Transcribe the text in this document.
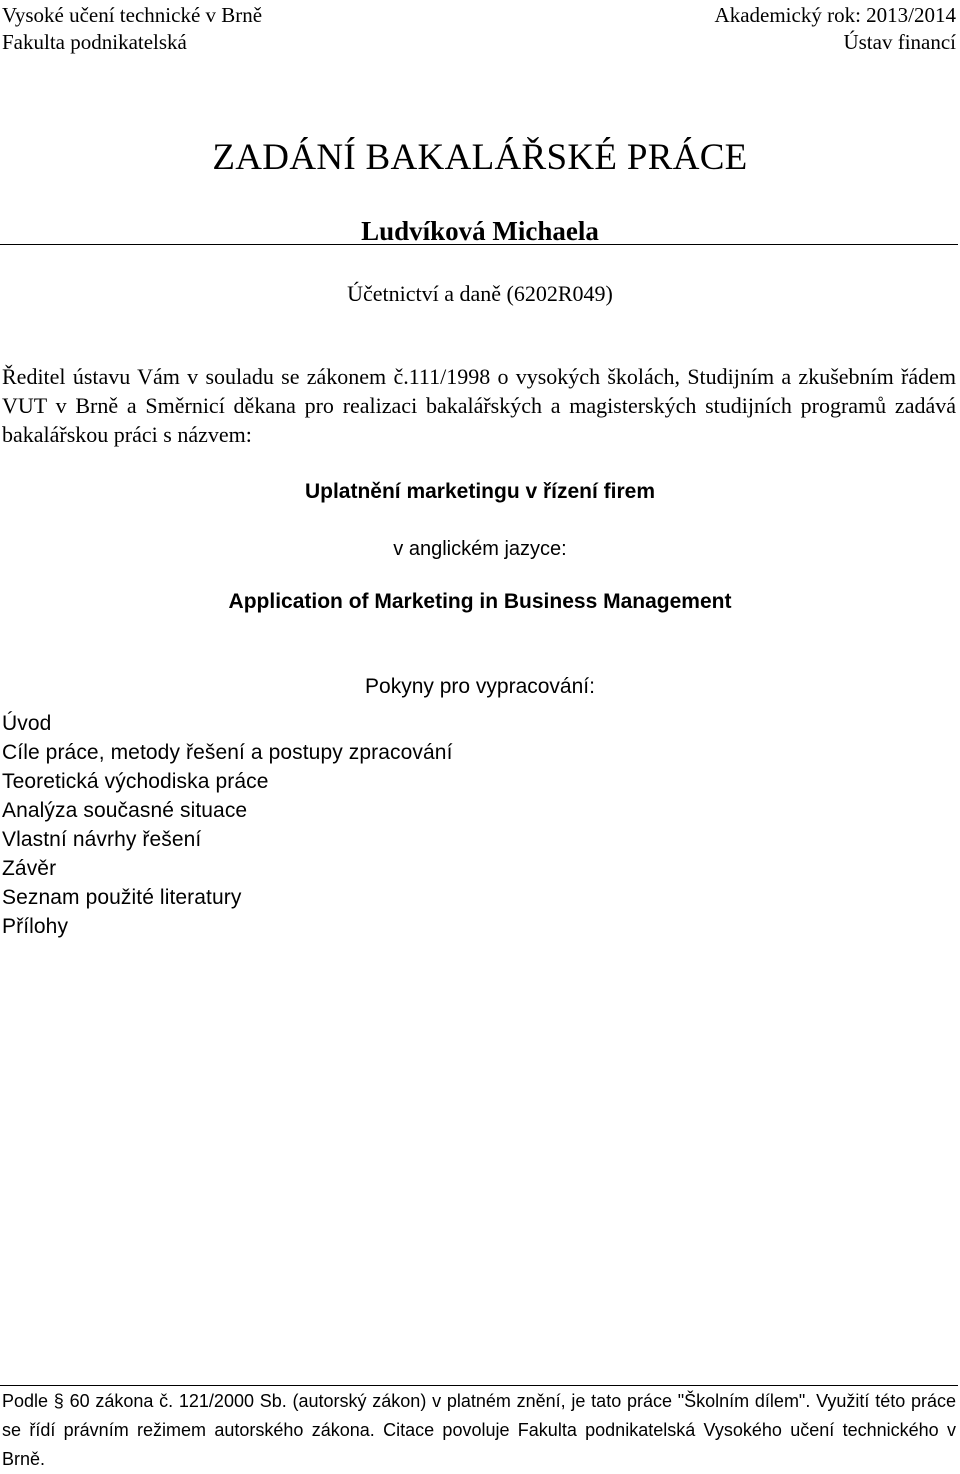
Vysoké učení technické v Brně
Fakulta podnikatelská
Akademický rok: 2013/2014
Ústav financí
ZADÁNÍ BAKALÁŘSKÉ PRÁCE
Ludvíková Michaela
Účetnictví a daně (6202R049)
Ředitel ústavu Vám v souladu se zákonem č.111/1998 o vysokých školách, Studijním a zkušebním řádem VUT v Brně a Směrnicí děkana pro realizaci bakalářských a magisterských studijních programů zadává bakalářskou práci s názvem:
Uplatnění marketingu v řízení firem
v anglickém jazyce:
Application of Marketing in Business Management
Pokyny pro vypracování:
Úvod
Cíle práce, metody řešení a postupy zpracování
Teoretická východiska práce
Analýza současné situace
Vlastní návrhy řešení
Závěr
Seznam použité literatury
Přílohy
Podle § 60 zákona č. 121/2000 Sb. (autorský zákon) v platném znění, je tato práce "Školním dílem". Využití této práce se řídí právním režimem autorského zákona. Citace povoluje Fakulta podnikatelská Vysokého učení technického v Brně.
